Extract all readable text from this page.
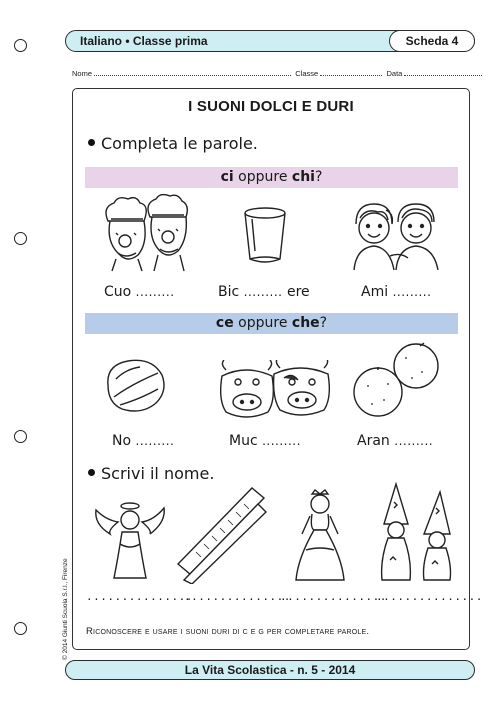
Italiano • Classe prima	Scheda 4
Nome	Classe	Data
© 2014 Giunti Scuola S.r.l., Firenze
I SUONI DOLCI E DURI
Completa le parole.
ci oppure chi?
Cuo .........	Bic ......... ere	Ami .........
ce oppure che?
No .........	Muc .........	Aran .........
Scrivi il nome.
...............
...............
...............
...............
Riconoscere e usare i suoni duri di c e g per completare parole.
La Vita Scolastica - n. 5 - 2014
